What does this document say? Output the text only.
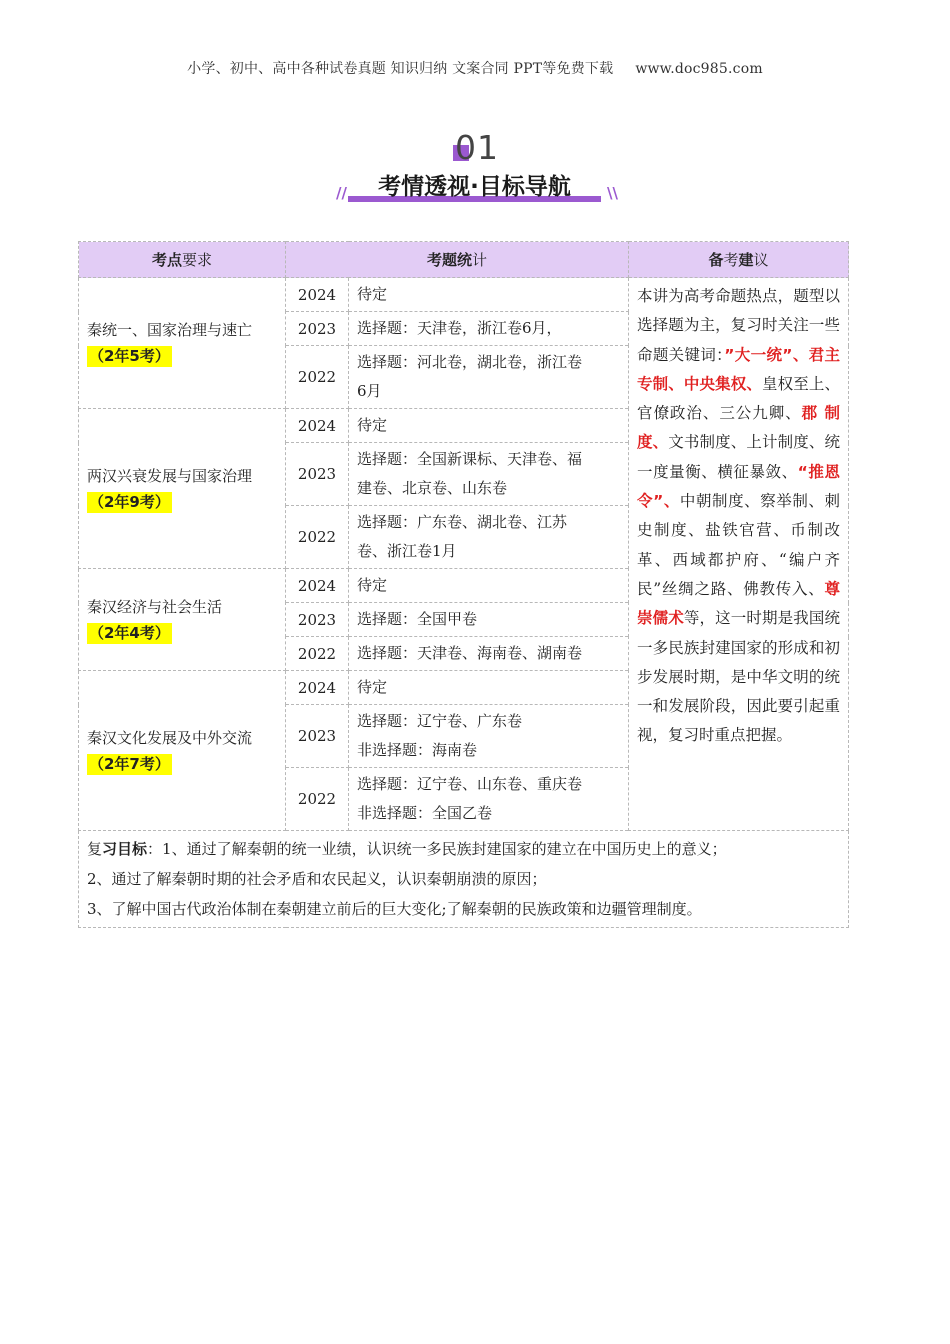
小学、初中、高中各种试卷真题 知识归纳 文案合同 PPT等免费下载 www.doc985.com
01
//	考情透视·目标导航	\\
考点要求	考题统计		备考建议

秦统一、国家治理与速亡
（2年5考）	2024	待定	本讲为高考命题热点，题型以选择题为主，复习时关注一些命题关键词：”大一统”、君主专制、中央集权、皇权至上、官僚政治、三公九卿、郡 制度、文书制度、上计制度、统一度量衡、横征暴敛、“推恩令”、中朝制度、察举制、刺史制度、盐铁官营、币制改革、西域都护府、“编户齐民”丝绸之路、佛教传入、尊崇儒术等，这一时期是我国统一多民族封建国家的形成和初步发展时期，是中华文明的统一和发展阶段，因此要引起重视，复习时重点把握。
	2023	选择题：天津卷，浙江卷6月，	

	2022	选择题：河北卷，湖北卷，浙江卷
6月	

两汉兴衰发展与国家治理
（2年9考）	2024	待定	

	2023	选择题：全国新课标、天津卷、福
建卷、北京卷、山东卷	

	2022	选择题：广东卷、湖北卷、江苏
卷、浙江卷1月	

秦汉经济与社会生活
（2年4考）	2024	待定	

	2023	选择题：全国甲卷	

	2022	选择题：天津卷、海南卷、湖南卷	

秦汉文化发展及中外交流
（2年7考）	2024	待定	

	2023	选择题：辽宁卷、广东卷
非选择题：海南卷	

	2022	选择题：辽宁卷、山东卷、重庆卷
非选择题：全国乙卷	

复习目标：1、通过了解秦朝的统一业绩，认识统一多民族封建国家的建立在中国历史上的意义；
2、通过了解秦朝时期的社会矛盾和农民起义，认识秦朝崩溃的原因；
3、了解中国古代政治体制在秦朝建立前后的巨大变化;了解秦朝的民族政策和边疆管理制度。			
